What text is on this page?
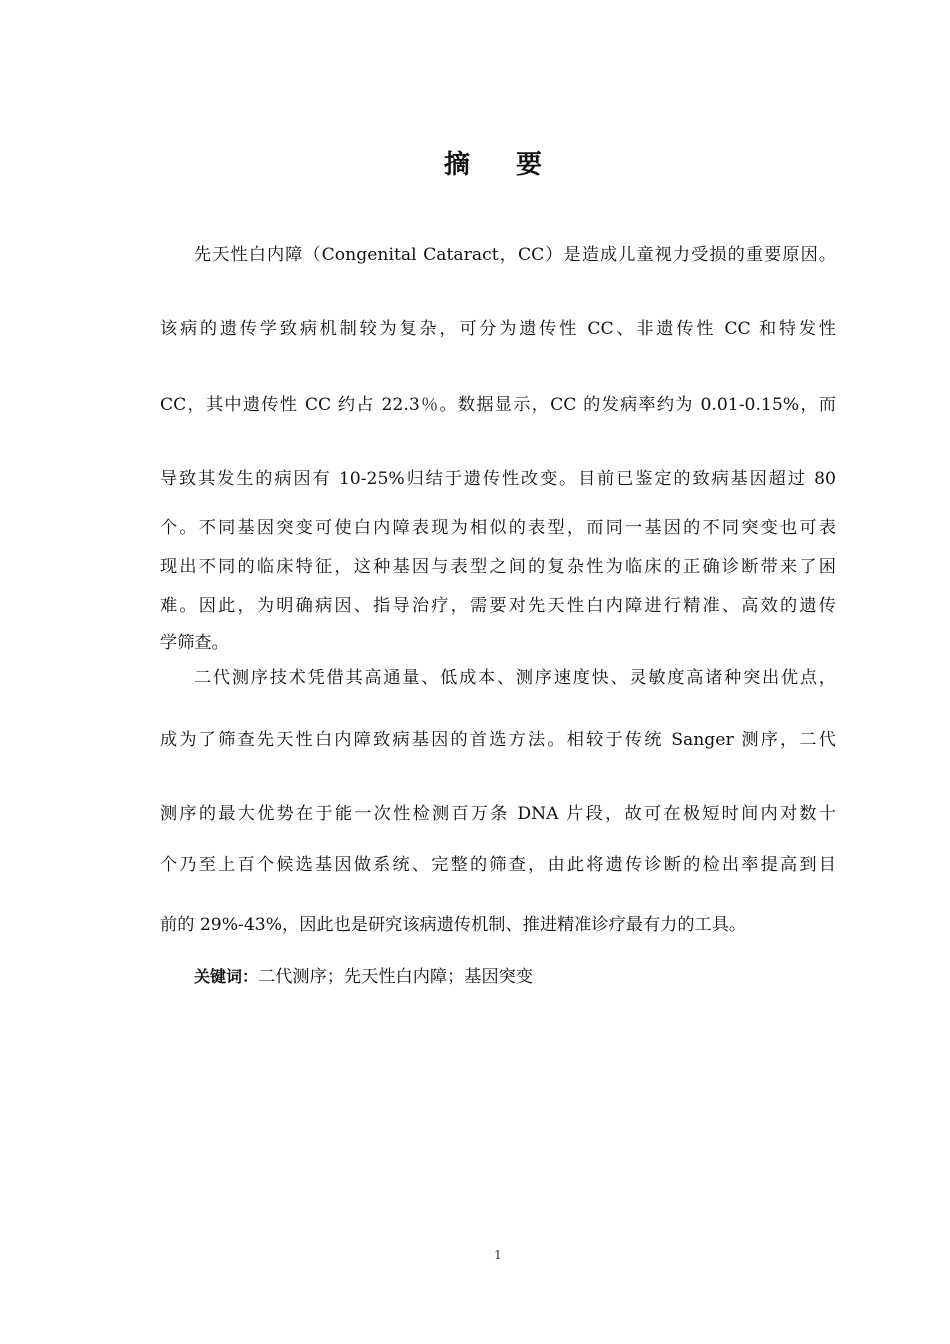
摘　要
先天性白内障（Congenital Cataract，CC）是造成儿童视力受损的重要原因。
该病的遗传学致病机制较为复杂，可分为遗传性 CC、非遗传性 CC 和特发性
CC，其中遗传性 CC 约占 22.3％。数据显示，CC 的发病率约为 0.01-0.15%，而
导致其发生的病因有 10-25%归结于遗传性改变。目前已鉴定的致病基因超过 80
个。不同基因突变可使白内障表现为相似的表型，而同一基因的不同突变也可表
现出不同的临床特征，这种基因与表型之间的复杂性为临床的正确诊断带来了困
难。因此，为明确病因、指导治疗，需要对先天性白内障进行精准、高效的遗传
学筛查。
二代测序技术凭借其高通量、低成本、测序速度快、灵敏度高诸种突出优点，
成为了筛查先天性白内障致病基因的首选方法。相较于传统 Sanger 测序，二代
测序的最大优势在于能一次性检测百万条 DNA 片段，故可在极短时间内对数十
个乃至上百个候选基因做系统、完整的筛查，由此将遗传诊断的检出率提高到目
前的 29%-43%，因此也是研究该病遗传机制、推进精准诊疗最有力的工具。
关键词：二代测序；先天性白内障；基因突变
1
